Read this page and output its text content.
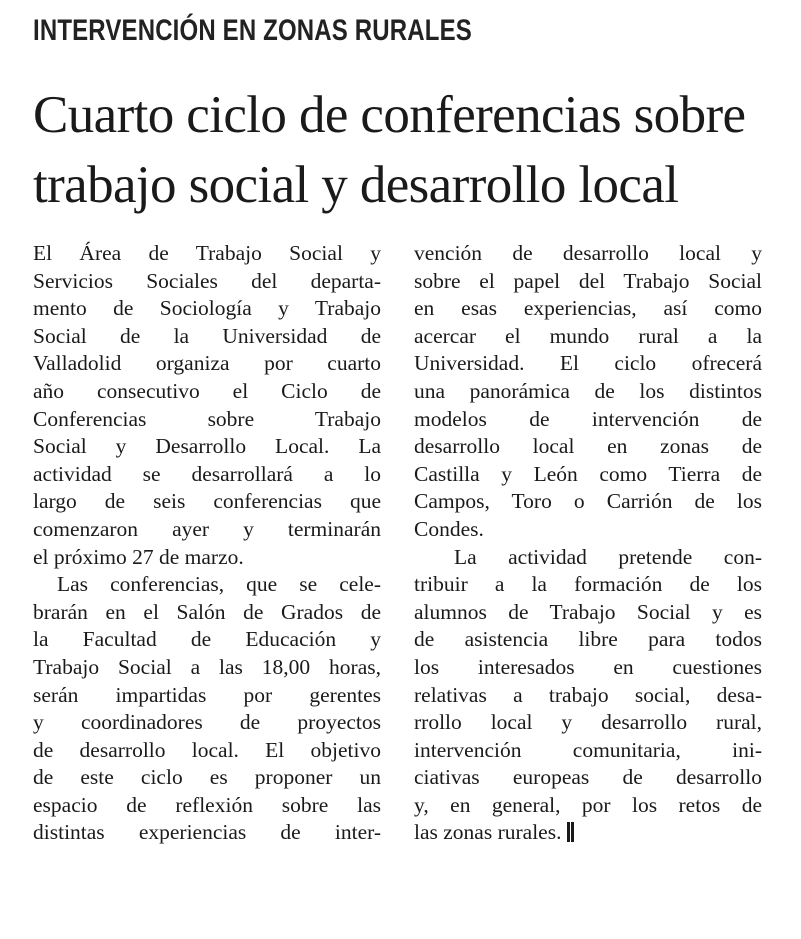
INTERVENCIÓN EN ZONAS RURALES
Cuarto ciclo de conferencias sobre
trabajo social y desarrollo local

El Área de Trabajo Social y
Servicios Sociales del departa-
mento de Sociología y Trabajo
Social de la Universidad de
Valladolid organiza por cuarto
año consecutivo el Ciclo de
Conferencias sobre Trabajo
Social y Desarrollo Local. La
actividad se desarrollará a lo
largo de seis conferencias que
comenzaron ayer y terminarán
el próximo 27 de marzo.

Las conferencias, que se cele-
brarán en el Salón de Grados de
la Facultad de Educación y
Trabajo Social a las 18,00 horas,
serán impartidas por gerentes
y coordinadores de proyectos
de desarrollo local. El objetivo
de este ciclo es proponer un
espacio de reflexión sobre las
distintas experiencias de inter-

vención de desarrollo local y
sobre el papel del Trabajo Social
en esas experiencias, así como
acercar el mundo rural a la
Universidad. El ciclo ofrecerá
una panorámica de los distintos
modelos de intervención de
desarrollo local en zonas de
Castilla y León como Tierra de
Campos, Toro o Carrión de los
Condes.

La actividad pretende con-
tribuir a la formación de los
alumnos de Trabajo Social y es
de asistencia libre para todos
los interesados en cuestiones
relativas a trabajo social, desa-
rrollo local y desarrollo rural,
intervención comunitaria, ini-
ciativas europeas de desarrollo
y, en general, por los retos de
las zonas rurales.
